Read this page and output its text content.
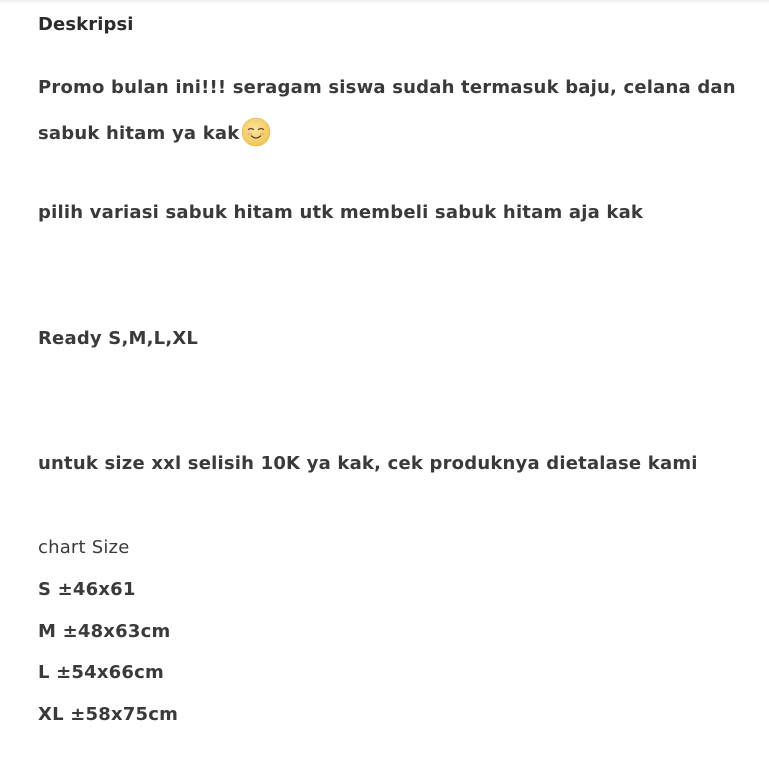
Deskripsi
Promo bulan ini!!! seragam siswa sudah termasuk baju, celana dan
sabuk hitam ya kak
pilih variasi sabuk hitam utk membeli sabuk hitam aja kak
Ready S,M,L,XL
untuk size xxl selisih 10K ya kak, cek produknya dietalase kami
chart Size
S ±46x61
M ±48x63cm
L ±54x66cm
XL ±58x75cm
